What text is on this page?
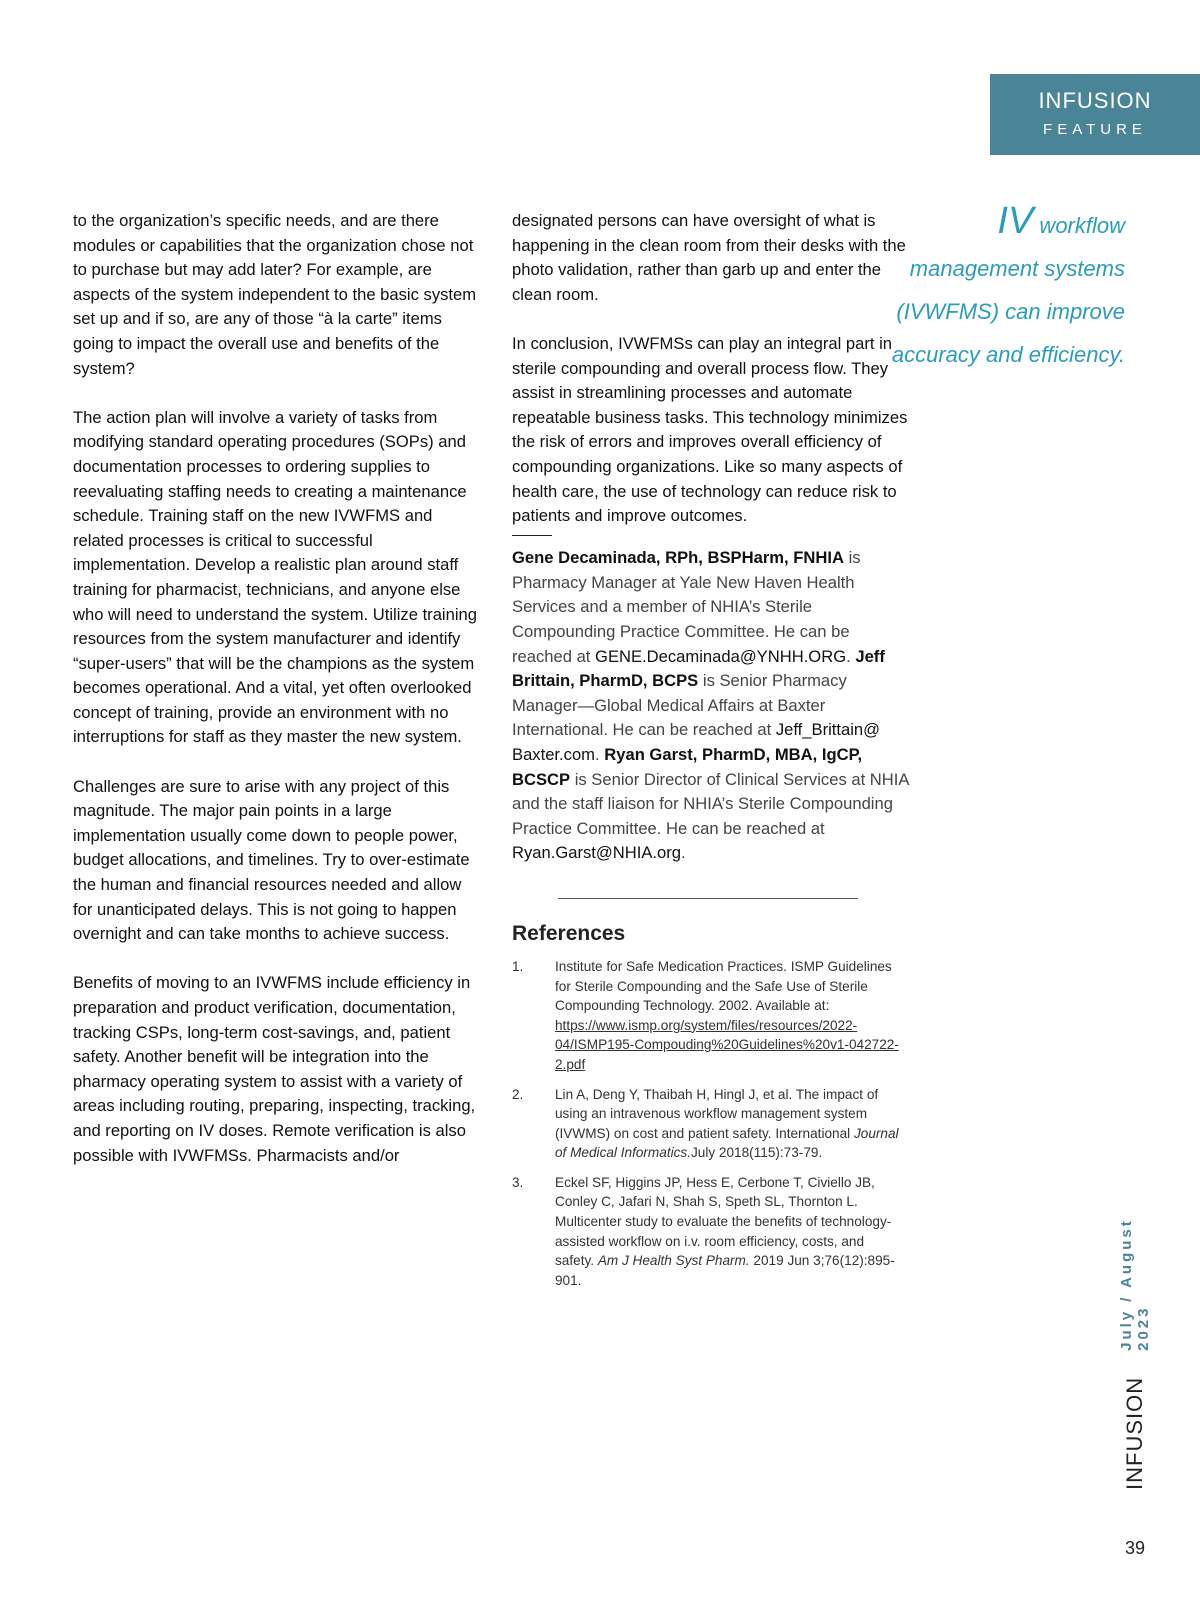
INFUSION
FEATURE

to the organization’s specific needs, and are there modules or capabilities that the organization chose not to purchase but may add later? For example, are aspects of the system independent to the basic system set up and if so, are any of those “à la carte” items going to impact the overall use and benefits of the system?

The action plan will involve a variety of tasks from modifying standard operating procedures (SOPs) and documentation processes to ordering supplies to reevaluating staffing needs to creating a maintenance schedule. Training staff on the new IVWFMS and related processes is critical to successful implementation. Develop a realistic plan around staff training for pharmacist, technicians, and anyone else who will need to understand the system. Utilize training resources from the system manufacturer and identify “super-users” that will be the champions as the system becomes operational. And a vital, yet often overlooked concept of training, provide an environment with no interruptions for staff as they master the new system.

Challenges are sure to arise with any project of this magnitude. The major pain points in a large implementation usually come down to people power, budget allocations, and timelines. Try to over-estimate the human and financial resources needed and allow for unanticipated delays. This is not going to happen overnight and can take months to achieve success.

Benefits of moving to an IVWFMS include efficiency in preparation and product verification, documentation, tracking CSPs, long-term cost-savings, and, patient safety. Another benefit will be integration into the pharmacy operating system to assist with a variety of areas including routing, preparing, inspecting, tracking, and reporting on IV doses. Remote verification is also possible with IVWFMSs. Pharmacists and/or

designated persons can have oversight of what is happening in the clean room from their desks with the photo validation, rather than garb up and enter the clean room.

In conclusion, IVWFMSs can play an integral part in sterile compounding and overall process flow. They assist in streamlining processes and automate repeatable business tasks. This technology minimizes the risk of errors and improves overall efficiency of compounding organizations. Like so many aspects of health care, the use of technology can reduce risk to patients and improve outcomes.

Gene Decaminada, RPh, BSPHarm, FNHIA is Pharmacy Manager at Yale New Haven Health Services and a member of NHIA’s Sterile Compounding Practice Committee. He can be reached at GENE.Decaminada@YNHH.ORG. Jeff Brittain, PharmD, BCPS is Senior Pharmacy Manager—Global Medical Affairs at Baxter International. He can be reached at Jeff_Brittain@ Baxter.com. Ryan Garst, PharmD, MBA, IgCP, BCSCP is Senior Director of Clinical Services at NHIA and the staff liaison for NHIA’s Sterile Compounding Practice Committee. He can be reached at Ryan.Garst@NHIA.org.
References
1.	Institute for Safe Medication Practices. ISMP Guidelines for Sterile Compounding and the Safe Use of Sterile Compounding Technology. 2002. Available at: https://www.ismp.org/system/files/resources/2022-04/ISMP195-Compouding%20Guidelines%20v1-042722-2.pdf
2.	Lin A, Deng Y, Thaibah H, Hingl J, et al. The impact of using an intravenous workflow management system (IVWMS) on cost and patient safety. International Journal of Medical Informatics.July 2018(115):73-79.
3.	Eckel SF, Higgins JP, Hess E, Cerbone T, Civiello JB, Conley C, Jafari N, Shah S, Speth SL, Thornton L. Multicenter study to evaluate the benefits of technology-assisted workflow on i.v. room efficiency, costs, and safety. Am J Health Syst Pharm. 2019 Jun 3;76(12):895-901.
IV workflow management systems (IVWFMS) can improve accuracy and efficiency.
INFUSION
July / August 2023
39
